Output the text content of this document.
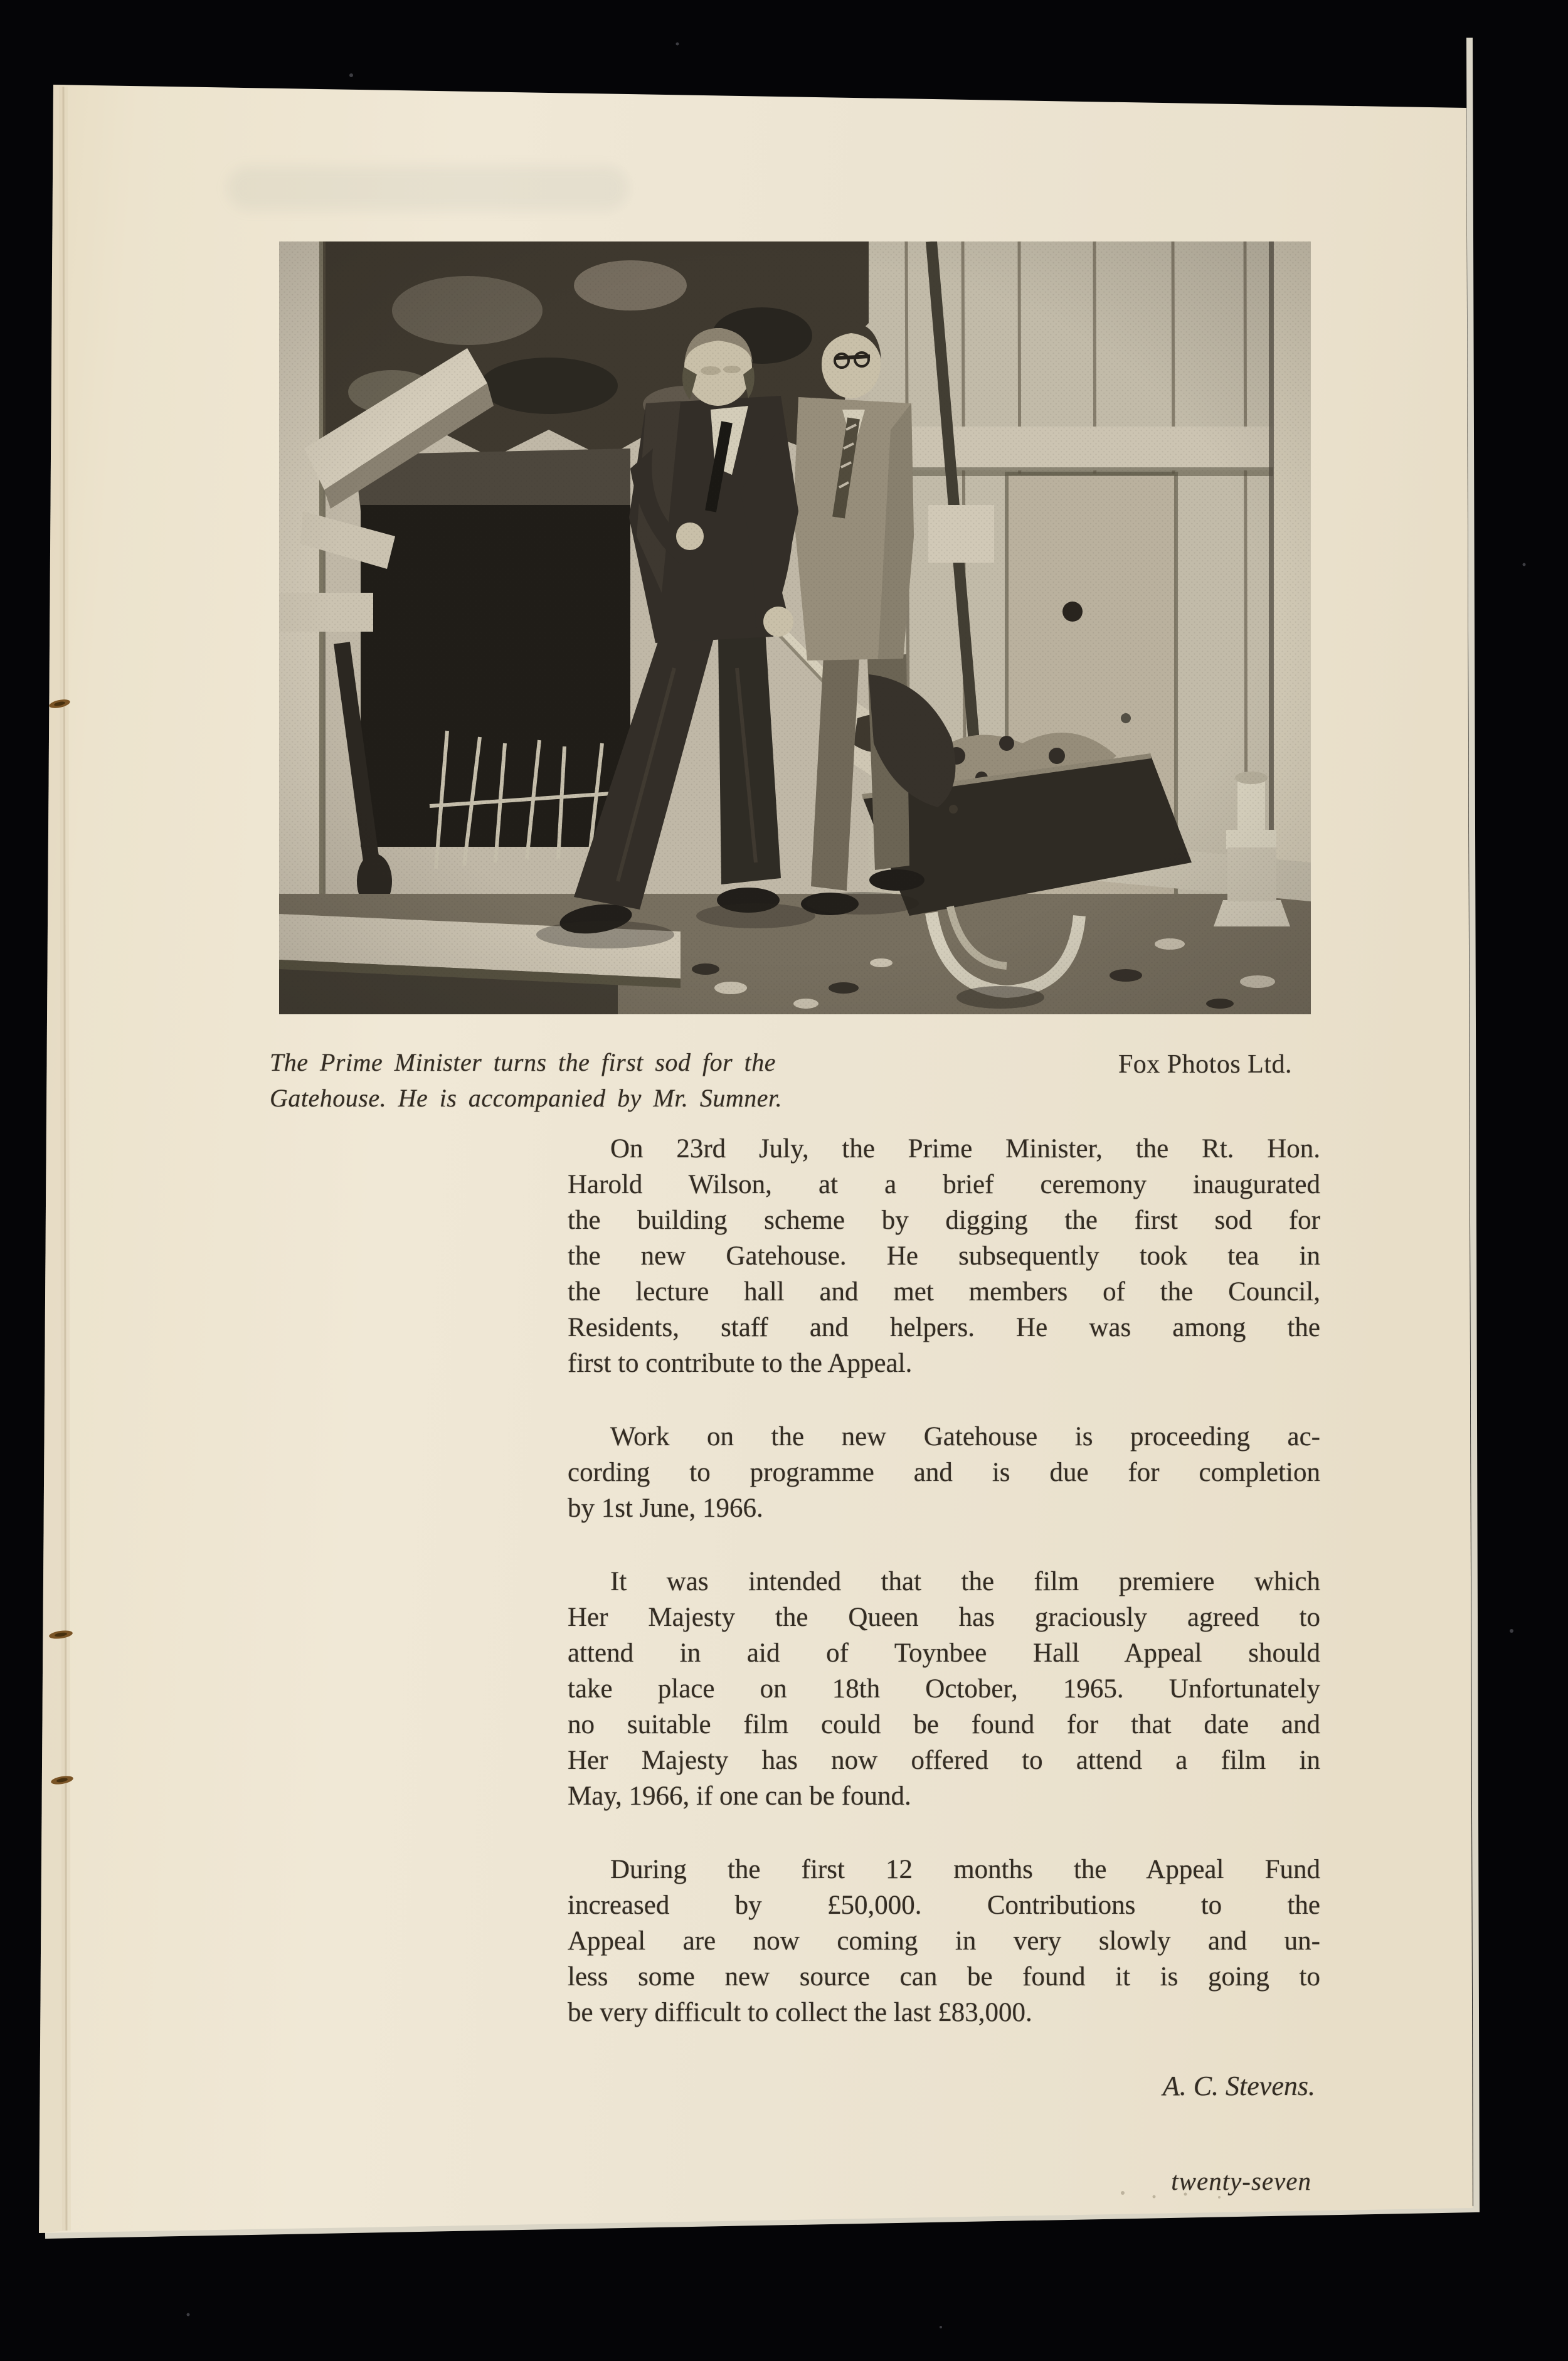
The Prime Minister turns the first sod for the
Gatehouse. He is accompanied by Mr. Sumner.
Fox Photos Ltd.
On 23rd July, the Prime Minister, the Rt. Hon.
Harold Wilson, at a brief ceremony inaugurated
the building scheme by digging the first sod for
the new Gatehouse. He subsequently took tea in
the lecture hall and met members of the Council,
Residents, staff and helpers. He was among the
first to contribute to the Appeal.
Work on the new Gatehouse is proceeding ac-
cording to programme and is due for completion
by 1st June, 1966.
It was intended that the film premiere which
Her Majesty the Queen has graciously agreed to
attend in aid of Toynbee Hall Appeal should
take place on 18th October, 1965. Unfortunately
no suitable film could be found for that date and
Her Majesty has now offered to attend a film in
May, 1966, if one can be found.
During the first 12 months the Appeal Fund
increased by £50,000. Contributions to the
Appeal are now coming in very slowly and un-
less some new source can be found it is going to
be very difficult to collect the last £83,000.
A. C. Stevens.
twenty-seven
